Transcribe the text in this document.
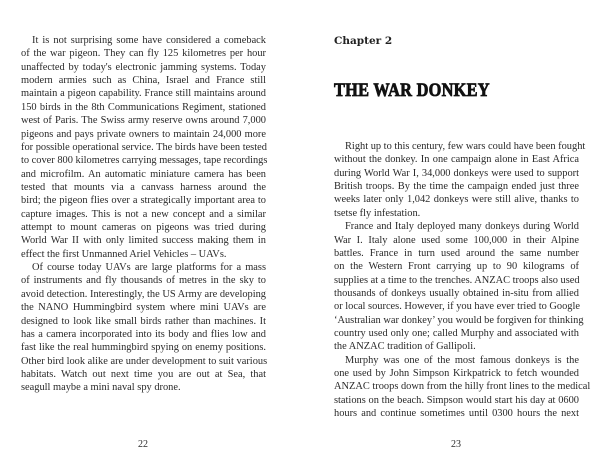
It is not surprising some have considered a comeback
of the war pigeon. They can fly 125 kilometres per hour
unaffected by today's electronic jamming systems. Today
modern armies such as China, Israel and France still
maintain a pigeon capability. France still maintains around
150 birds in the 8th Communications Regiment, stationed
west of Paris. The Swiss army reserve owns around 7,000
pigeons and pays private owners to maintain 24,000 more
for possible operational service. The birds have been tested
to cover 800 kilometres carrying messages, tape recordings
and microfilm. An automatic miniature camera has been
tested that mounts via a canvass harness around the
bird; the pigeon flies over a strategically important area to
capture images. This is not a new concept and a similar
attempt to mount cameras on pigeons was tried during
World War II with only limited success making them in
effect the first Unmanned Ariel Vehicles – UAVs.
Of course today UAVs are large platforms for a mass
of instruments and fly thousands of metres in the sky to
avoid detection. Interestingly, the US Army are developing
the NANO Hummingbird system where mini UAVs are
designed to look like small birds rather than machines. It
has a camera incorporated into its body and flies low and
fast like the real hummingbird spying on enemy positions.
Other bird look alike are under development to suit various
habitats. Watch out next time you are out at Sea, that
seagull maybe a mini naval spy drone.
22
Chapter 2
THE WAR DONKEY
Right up to this century, few wars could have been fought
without the donkey. In one campaign alone in East Africa
during World War I, 34,000 donkeys were used to support
British troops. By the time the campaign ended just three
weeks later only 1,042 donkeys were still alive, thanks to
tsetse fly infestation.
France and Italy deployed many donkeys during World
War I. Italy alone used some 100,000 in their Alpine
battles. France in turn used around the same number
on the Western Front carrying up to 90 kilograms of
supplies at a time to the trenches. ANZAC troops also used
thousands of donkeys usually obtained in-situ from allied
or local sources. However, if you have ever tried to Google
‘Australian war donkey’ you would be forgiven for thinking
country used only one; called Murphy and associated with
the ANZAC tradition of Gallipoli.
Murphy was one of the most famous donkeys is the
one used by John Simpson Kirkpatrick to fetch wounded
ANZAC troops down from the hilly front lines to the medical
stations on the beach. Simpson would start his day at 0600
hours and continue sometimes until 0300 hours the next
23
